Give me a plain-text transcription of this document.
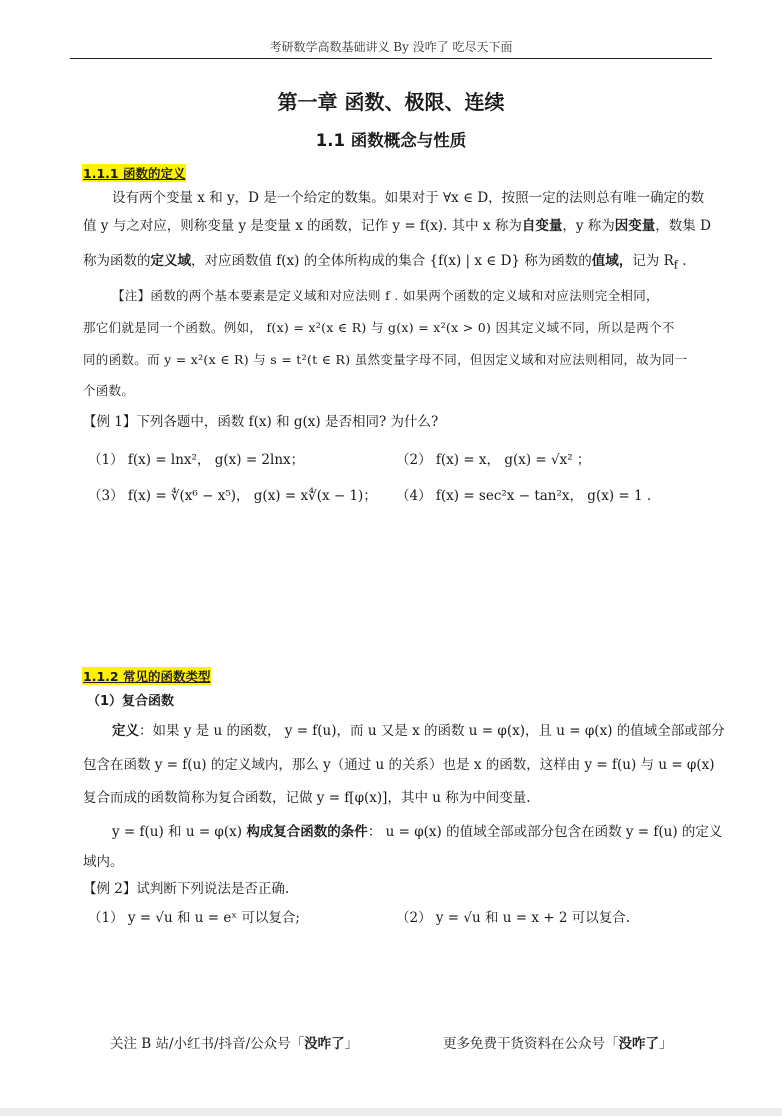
考研数学高数基础讲义 By 没咋了 吃尽天下面
第一章 函数、极限、连续
1.1 函数概念与性质
1.1.1 函数的定义
设有两个变量 x 和 y，D 是一个给定的数集。如果对于 ∀x ∈ D，按照一定的法则总有唯一确定的数
值 y 与之对应，则称变量 y 是变量 x 的函数，记作 y = f(x). 其中 x 称为自变量，y 称为因变量，数集 D
称为函数的定义域，对应函数值 f(x) 的全体所构成的集合 {f(x) | x ∈ D} 称为函数的值域，记为 $R_f$ .
【注】函数的两个基本要素是定义域和对应法则 f . 如果两个函数的定义域和对应法则完全相同，
那它们就是同一个函数。例如， f(x) = x²(x ∈ R) 与 g(x) = x²(x > 0) 因其定义域不同，所以是两个不
同的函数。而 y = x²(x ∈ R) 与 s = t²(t ∈ R) 虽然变量字母不同，但因定义域和对应法则相同，故为同一
个函数。
【例 1】下列各题中，函数 f(x) 和 g(x) 是否相同? 为什么?
（1） f(x) = lnx²， g(x) = 2lnx；	（2） f(x) = x， g(x) = √x² ；
（3） f(x) = ∜(x⁶ − x⁵)， g(x) = x∜(x − 1)； （4） f(x) = sec²x − tan²x， g(x) = 1 .
1.1.2 常见的函数类型
（1）复合函数
定义：如果 y 是 u 的函数， y = f(u)，而 u 又是 x 的函数 u = φ(x)，且 u = φ(x) 的值域全部或部分
包含在函数 y = f(u) 的定义域内，那么 y（通过 u 的关系）也是 x 的函数，这样由 y = f(u) 与 u = φ(x)
复合而成的函数简称为复合函数，记做 y = f[φ(x)]，其中 u 称为中间变量.
y = f(u) 和 u = φ(x) 构成复合函数的条件： u = φ(x) 的值域全部或部分包含在函数 y = f(u) 的定义
域内。
【例 2】试判断下列说法是否正确.
（1） y = √u 和 u = eˣ 可以复合;	（2） y = √u 和 u = x + 2 可以复合.
关注 B 站/小红书/抖音/公众号「没咋了」	更多免费干货资料在公众号「没咋了」
